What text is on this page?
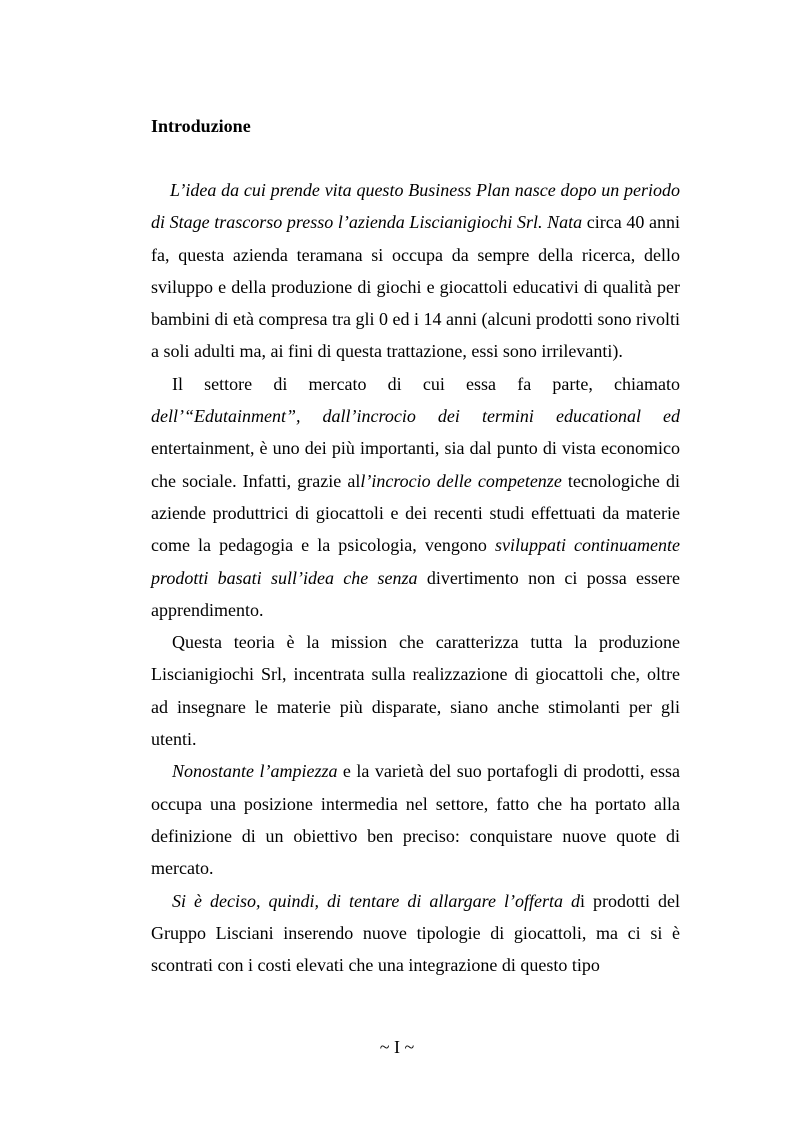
Introduzione

L’idea da cui prende vita questo Business Plan nasce dopo un periodo di Stage trascorso presso l’azienda Liscianigiochi Srl. Nata circa 40 anni fa, questa azienda teramana si occupa da sempre della ricerca, dello sviluppo e della produzione di giochi e giocattoli educativi di qualità per bambini di età compresa tra gli 0 ed i 14 anni (alcuni prodotti sono rivolti a soli adulti ma, ai fini di questa trattazione, essi sono irrilevanti).

Il settore di mercato di cui essa fa parte, chiamato dell’“Edutainment”, dall’incrocio dei termini educational ed entertainment, è uno dei più importanti, sia dal punto di vista economico che sociale. Infatti, grazie all’incrocio delle competenze tecnologiche di aziende produttrici di giocattoli e dei recenti studi effettuati da materie come la pedagogia e la psicologia, vengono sviluppati continuamente prodotti basati sull’idea che senza divertimento non ci possa essere apprendimento.

Questa teoria è la mission che caratterizza tutta la produzione Liscianigiochi Srl, incentrata sulla realizzazione di giocattoli che, oltre ad insegnare le materie più disparate, siano anche stimolanti per gli utenti.

Nonostante l’ampiezza e la varietà del suo portafogli di prodotti, essa occupa una posizione intermedia nel settore, fatto che ha portato alla definizione di un obiettivo ben preciso: conquistare nuove quote di mercato.

Si è deciso, quindi, di tentare di allargare l’offerta di prodotti del Gruppo Lisciani inserendo nuove tipologie di giocattoli, ma ci si è scontrati con i costi elevati che una integrazione di questo tipo

~ I ~
